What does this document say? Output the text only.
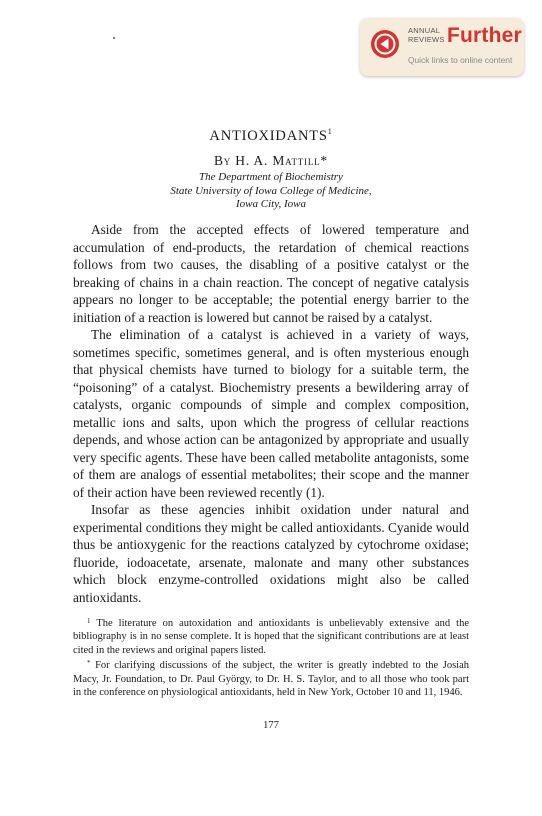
ANNUAL
REVIEWS Further
Quick links to online content
ANTIOXIDANTS$^1$
By H. A. Mattill*
The Department of Biochemistry
State University of Iowa College of Medicine,
Iowa City, Iowa

Aside from the accepted effects of lowered temperature and accumulation of end-products, the retardation of chemical reactions follows from two causes, the disabling of a positive catalyst or the breaking of chains in a chain reaction. The concept of negative catalysis appears no longer to be acceptable; the potential energy barrier to the initiation of a reaction is lowered but cannot be raised by a catalyst.

The elimination of a catalyst is achieved in a variety of ways, sometimes specific, sometimes general, and is often mysterious enough that physical chemists have turned to biology for a suitable term, the “poisoning” of a catalyst. Biochemistry presents a bewildering array of catalysts, organic compounds of simple and complex composition, metallic ions and salts, upon which the progress of cellular reactions depends, and whose action can be antagonized by appropriate and usually very specific agents. These have been called metabolite antagonists, some of them are analogs of essential metabolites; their scope and the manner of their action have been reviewed recently (1).

Insofar as these agencies inhibit oxidation under natural and experimental conditions they might be called antioxidants. Cyanide would thus be antioxygenic for the reactions catalyzed by cytochrome oxidase; fluoride, iodoacetate, arsenate, malonate and many other substances which block enzyme-controlled oxidations might also be called antioxidants.

$^1$ The literature on autoxidation and antioxidants is unbelievably extensive and the bibliography is in no sense complete. It is hoped that the significant contributions are at least cited in the reviews and original papers listed.

* For clarifying discussions of the subject, the writer is greatly indebted to the Josiah Macy, Jr. Foundation, to Dr. Paul György, to Dr. H. S. Taylor, and to all those who took part in the conference on physiological antioxidants, held in New York, October 10 and 11, 1946.

177
